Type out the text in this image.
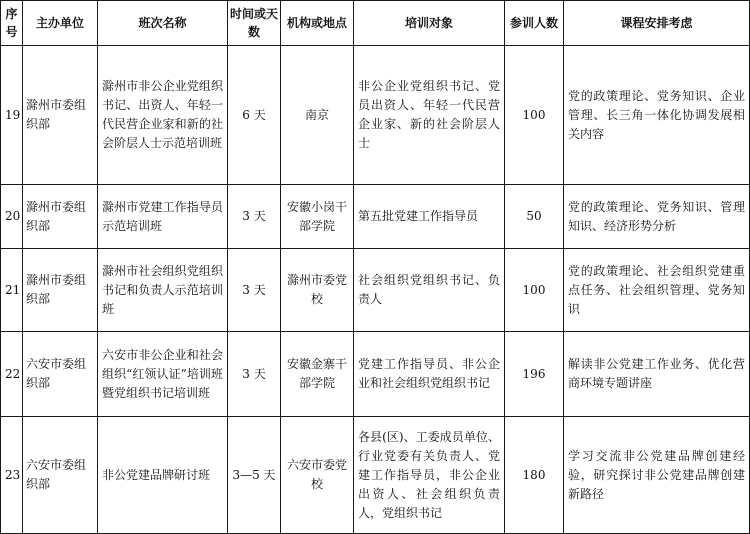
序号	主办单位	班次名称	时间或天数	机构或地点	培训对象	参训人数	课程安排考虑
19	滁州市委组织部	滁州市非公企业党组织书记、出资人、年轻一代民营企业家和新的社会阶层人士示范培训班	6 天	南京	非公企业党组织书记、党员出资人、年轻一代民营企业家、新的社会阶层人士	100	党的政策理论、党务知识、企业管理、长三角一体化协调发展相关内容
20	滁州市委组织部	滁州市党建工作指导员示范培训班	3 天	安徽小岗干部学院	第五批党建工作指导员	50	党的政策理论、党务知识、管理知识、经济形势分析
21	滁州市委组织部	滁州市社会组织党组织书记和负责人示范培训班	3 天	滁州市委党校	社会组织党组织书记、负责人	100	党的政策理论、社会组织党建重点任务、社会组织管理、党务知识
22	六安市委组织部	六安市非公企业和社会组织“红领认证”培训班暨党组织书记培训班	3 天	安徽金寨干部学院	党建工作指导员、非公企业和社会组织党组织书记	196	解读非公党建工作业务、优化营商环境专题讲座
23	六安市委组织部	非公党建品牌研讨班	3—5 天	六安市委党校	各县(区)、工委成员单位、行业党委有关负责人、党建工作指导员，非公企业出资人、社会组织负责人，党组织书记	180	学习交流非公党建品牌创建经验，研究探讨非公党建品牌创建新路径
